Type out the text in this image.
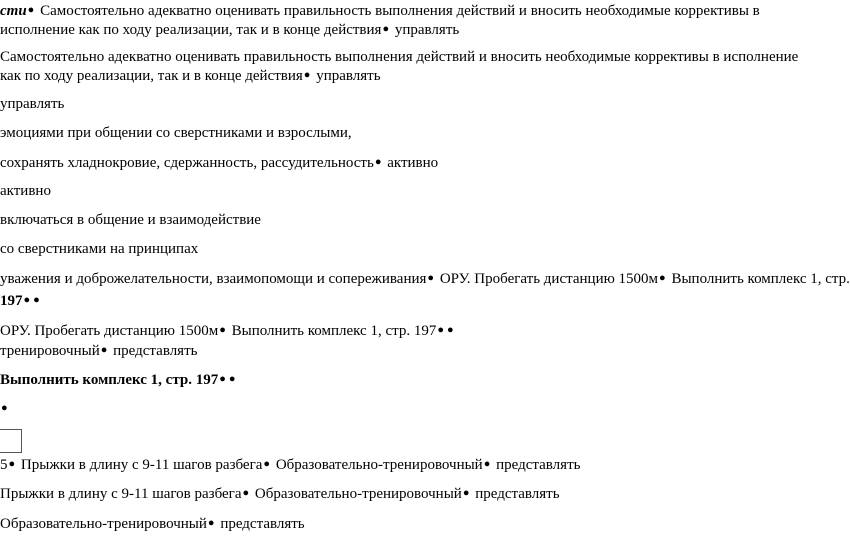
сти● Самостоятельно адекватно оценивать правильность выполнения действий и вносить необходимые коррективы в исполнение как по ходу реализации, так и в конце действия● управлять

Самостоятельно адекватно оценивать правильность выполнения действий и вносить необходимые коррективы в исполнение как по ходу реализации, так и в конце действия● управлять

управлять

эмоциями при общении со сверстниками и взрослыми,

сохранять хладнокровие, сдержанность, рассудительность● активно

активно

включаться в общение и взаимодействие

со сверстниками на принципах

уважения и доброжелательности, взаимопомощи и сопереживания● ОРУ. Пробегать дистанцию 1500м● Выполнить комплекс 1, стр.

197● ●

ОРУ. Пробегать дистанцию 1500м● Выполнить комплекс 1, стр. 197● ●

тренировочный● представлять

Выполнить комплекс 1, стр. 197● ●

●

5● Прыжки в длину с 9-11 шагов разбега● Образовательно-тренировочный● представлять

Прыжки в длину с 9-11 шагов разбега● Образовательно-тренировочный● представлять

Образовательно-тренировочный● представлять
